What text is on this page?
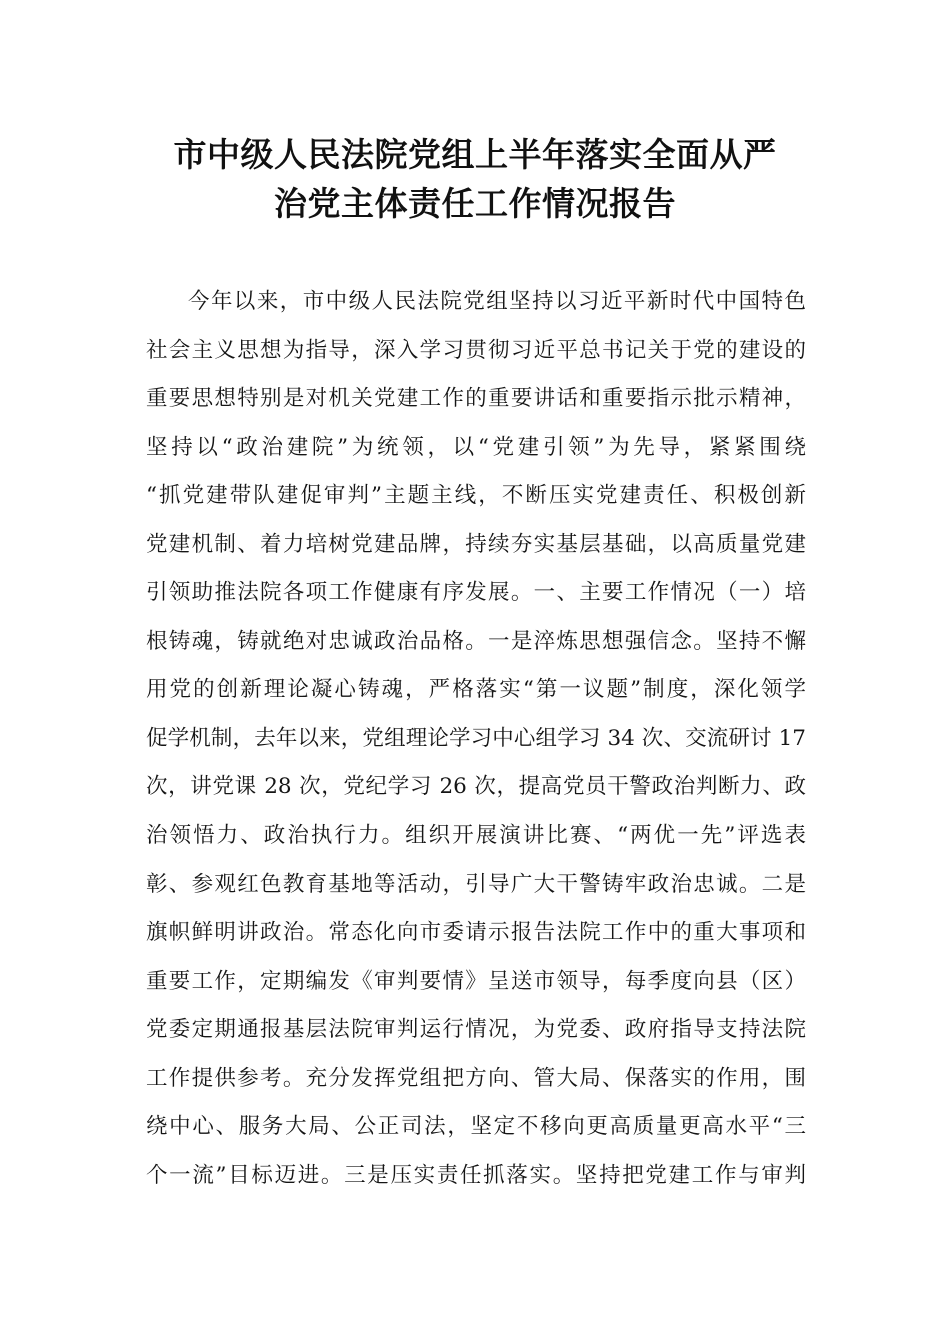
市中级人民法院党组上半年落实全面从严
治党主体责任工作情况报告
今年以来，市中级人民法院党组坚持以习近平新时代中国特色
社会主义思想为指导，深入学习贯彻习近平总书记关于党的建设的
重要思想特别是对机关党建工作的重要讲话和重要指示批示精神，
坚持以“政治建院”为统领，以“党建引领”为先导，紧紧围绕
“抓党建带队建促审判”主题主线，不断压实党建责任、积极创新
党建机制、着力培树党建品牌，持续夯实基层基础，以高质量党建
引领助推法院各项工作健康有序发展。一、主要工作情况（一）培
根铸魂，铸就绝对忠诚政治品格。一是淬炼思想强信念。坚持不懈
用党的创新理论凝心铸魂，严格落实“第一议题”制度，深化领学
促学机制，去年以来，党组理论学习中心组学习 34 次、交流研讨 17
次，讲党课 28 次，党纪学习 26 次，提高党员干警政治判断力、政
治领悟力、政治执行力。组织开展演讲比赛、“两优一先”评选表
彰、参观红色教育基地等活动，引导广大干警铸牢政治忠诚。二是
旗帜鲜明讲政治。常态化向市委请示报告法院工作中的重大事项和
重要工作，定期编发《审判要情》呈送市领导，每季度向县（区）
党委定期通报基层法院审判运行情况，为党委、政府指导支持法院
工作提供参考。充分发挥党组把方向、管大局、保落实的作用，围
绕中心、服务大局、公正司法，坚定不移向更高质量更高水平“三
个一流”目标迈进。三是压实责任抓落实。坚持把党建工作与审判
